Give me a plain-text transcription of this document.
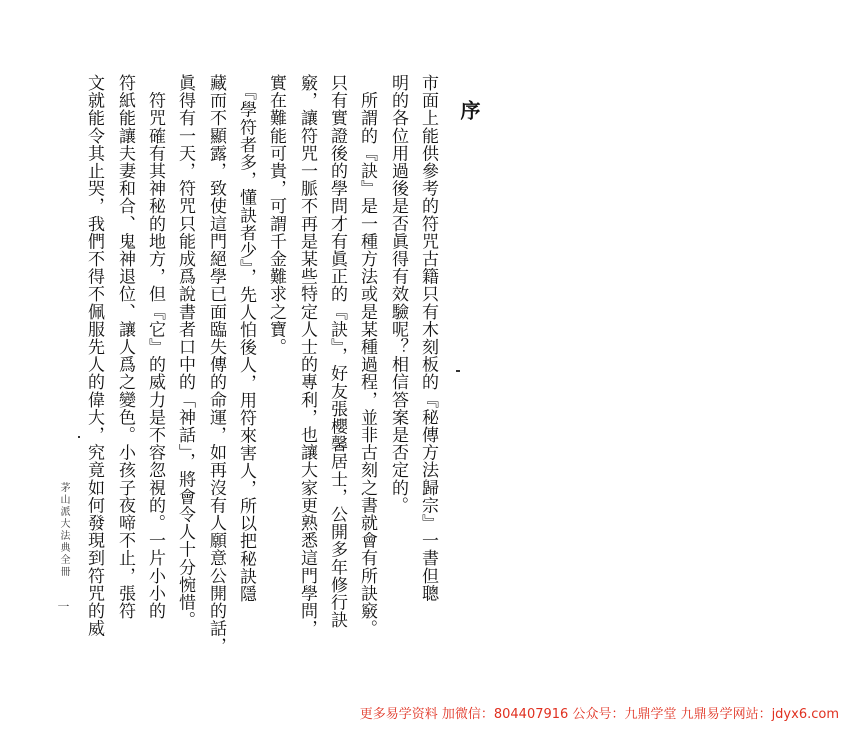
序
市面上能供參考的符咒古籍只有木刻板的『秘傳方法歸宗』一書但聰
明的各位用過後是否眞得有效驗呢？相信答案是否定的。
　所謂的『訣』是一種方法或是某種過程，並非古刻之書就會有所訣竅。
只有實證後的學問才有眞正的『訣』，好友張櫻馨居士，公開多年修行訣
竅，讓符咒一脈不再是某些特定人士的專利，也讓大家更熟悉這門學問，
實在難能可貴，可謂千金難求之寶。
　『學符者多，懂訣者少』，先人怕後人，用符來害人，所以把秘訣隱
藏而不顯露，致使這門絕學已面臨失傳的命運，如再沒有人願意公開的話，
眞得有一天，符咒只能成爲說書者口中的「神話」，將會令人十分惋惜。
　符咒確有其神秘的地方，但『它』的威力是不容忽視的。一片小小的
符紙能讓夫妻和合、鬼神退位、讓人爲之變色。小孩子夜啼不止，張符
文就能令其止哭，我們不得不佩服先人的偉大，究竟如何發現到符咒的威
茅山派大法典全冊
一
更多易学资料 加微信：804407916 公众号：九鼎学堂 九鼎易学网站：jdyx6.com
